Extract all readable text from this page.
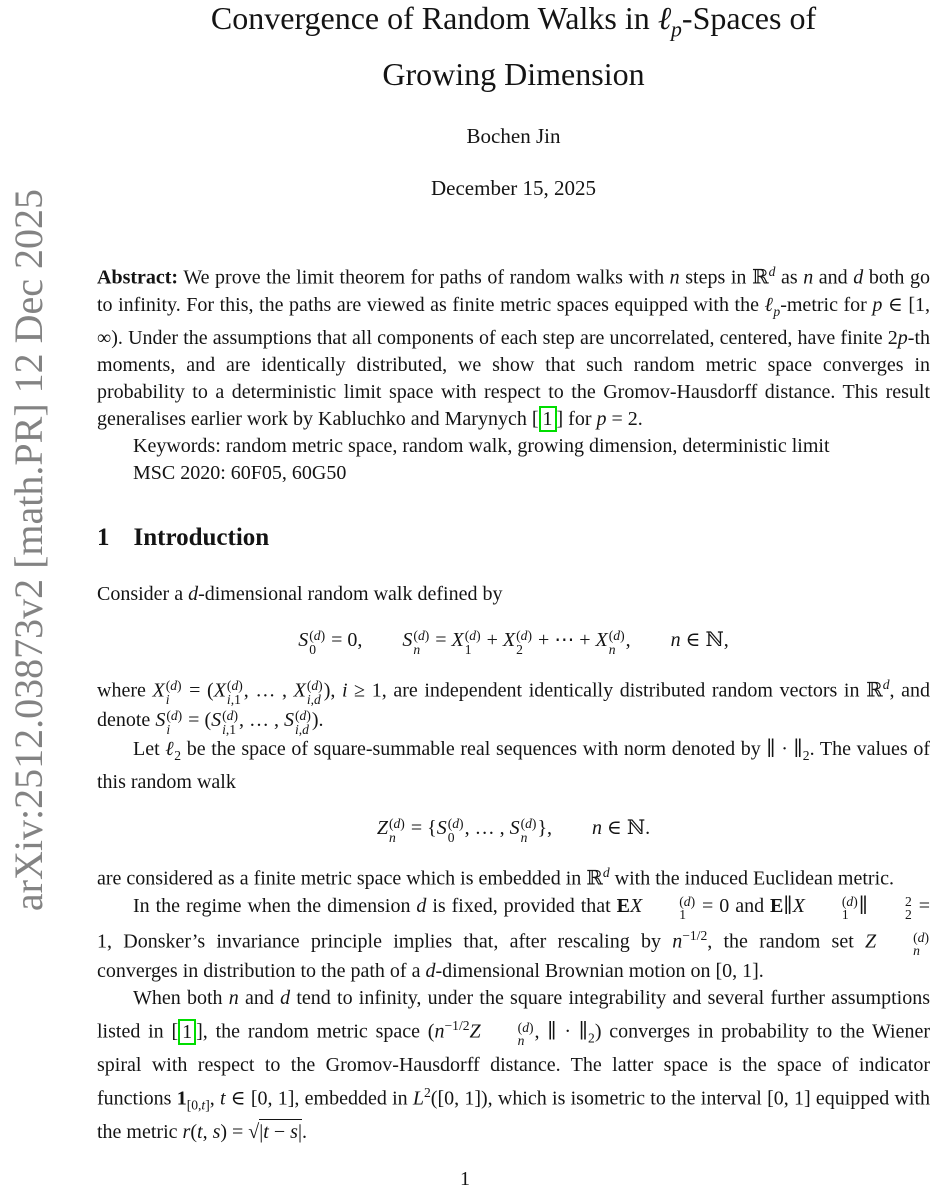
arXiv:2512.03873v2 [math.PR] 12 Dec 2025
Convergence of Random Walks in ℓ$_p$-Spaces of
Growing Dimension
Bochen Jin
December 15, 2025

Abstract: We prove the limit theorem for paths of random walks with n steps in ℝ$^d$ as n and d both go to infinity. For this, the paths are viewed as finite metric spaces equipped with the ℓ$_p$-metric for p ∈ [1, ∞). Under the assumptions that all components of each step are uncorrelated, centered, have finite 2p-th moments, and are identically distributed, we show that such random metric space converges in probability to a deterministic limit space with respect to the Gromov-Hausdorff distance. This result generalises earlier work by Kabluchko and Marynych [ 1 ] for p = 2.

Keywords: random metric space, random walk, growing dimension, deterministic limit
MSC 2020: 60F05, 60G50
1 Introduction

Consider a d-dimensional random walk defined by

S (d)
0 = 0,  S (d)
n = X (d)
1 + X (d)
2 + ⋯ + X (d)
n ,  n ∈ ℕ,

where X (d)
i = (X (d)
i,1 , … , X (d)
i,d ), i ≥ 1, are independent identically distributed random vectors in ℝ$^d$, and denote S (d)
i = (S (d)
i,1 , … , S (d)
i,d ).

Let ℓ$_2$ be the space of square-summable real sequences with norm denoted by ∥ · $\parallel_2$. The values of this random walk

Z (d)
n = {S (d)
0 , … , S (d)
n },  n ∈ ℕ.

are considered as a finite metric space which is embedded in ℝ$^d$ with the induced Euclidean metric.

In the regime when the dimension d is fixed, provided that EX	(d)
1 = 0 and E∥X	(d)
1 ∥	2
2 = 1, Donsker’s invariance principle implies that, after rescaling by $n^{-1/2}$, the random set Z	(d)
n
converges in distribution to the path of a d-dimensional Brownian motion on [0, 1].

When both n and d tend to infinity, under the square integrability and several further assumptions listed in [ 1 ], the random metric space ($n^{-1/2}Z$	(d)
n , ∥ · $\parallel_2$) converges in probability to the Wiener spiral with respect to the Gromov-Hausdorff distance. The latter space is the space of indicator functions $1_{[0,t]}$, t ∈ [0, 1], embedded in $L^2([0$, 1]), which is isometric to the interval [0, 1] equipped with the metric r(t, s) = √|t − s|.

1
